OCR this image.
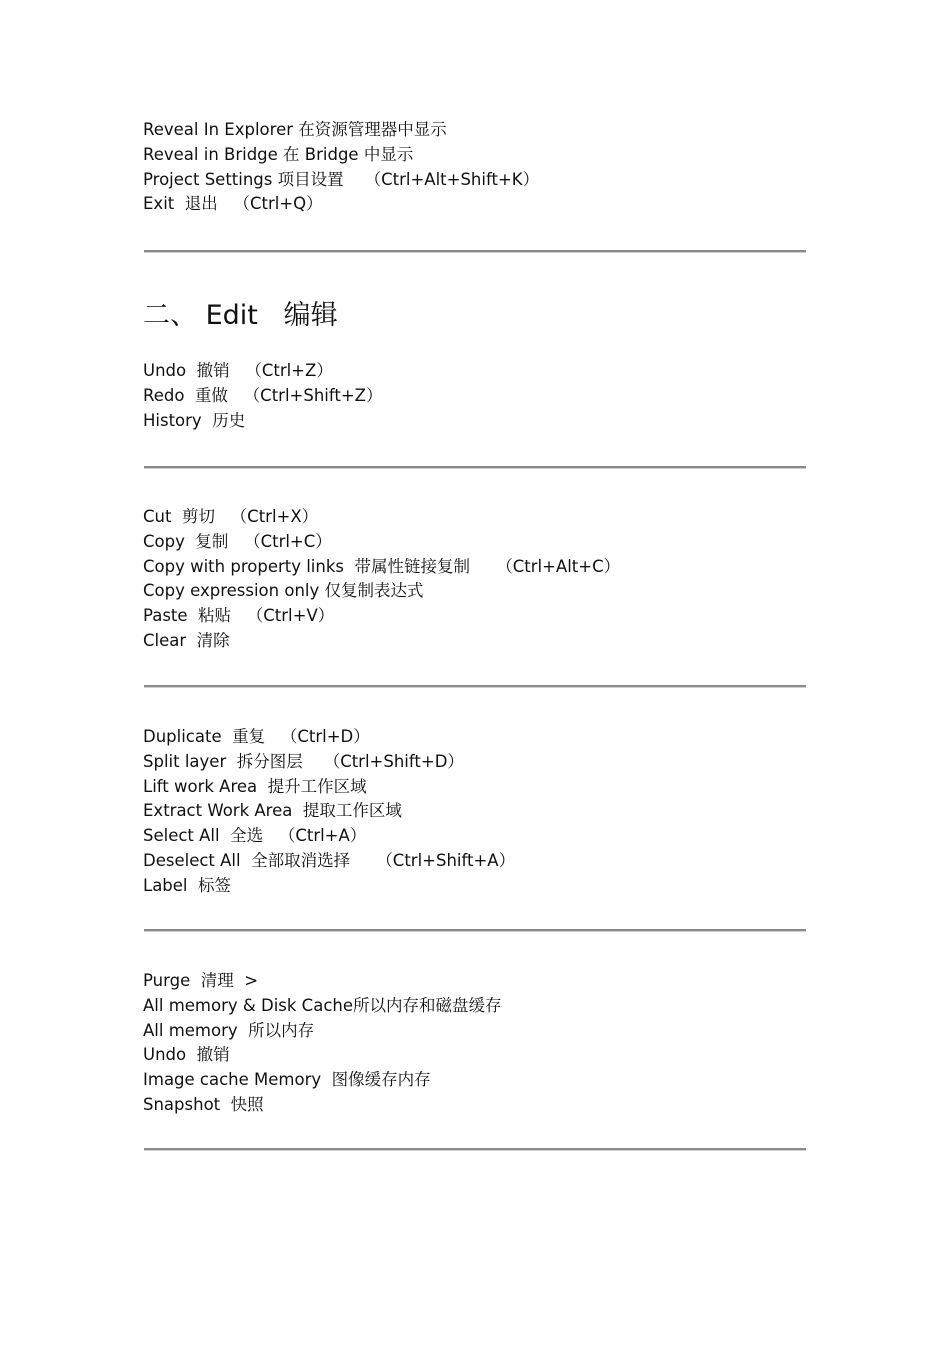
Reveal In Explorer 在资源管理器中显示
Reveal in Bridge 在 Bridge 中显示
Project Settings 项目设置    （Ctrl+Alt+Shift+K）
Exit  退出   （Ctrl+Q）
二、 Edit   编辑
Undo  撤销   （Ctrl+Z）
Redo  重做   （Ctrl+Shift+Z）
History  历史
Cut  剪切   （Ctrl+X）
Copy  复制   （Ctrl+C）
Copy with property links  带属性链接复制     （Ctrl+Alt+C）
Copy expression only 仅复制表达式
Paste  粘贴   （Ctrl+V）
Clear  清除
Duplicate  重复   （Ctrl+D）
Split layer  拆分图层    （Ctrl+Shift+D）
Lift work Area  提升工作区域
Extract Work Area  提取工作区域
Select All  全选   （Ctrl+A）
Deselect All  全部取消选择     （Ctrl+Shift+A）
Label  标签
Purge  清理  >
All memory & Disk Cache所以内存和磁盘缓存
All memory  所以内存
Undo  撤销
Image cache Memory  图像缓存内存
Snapshot  快照
